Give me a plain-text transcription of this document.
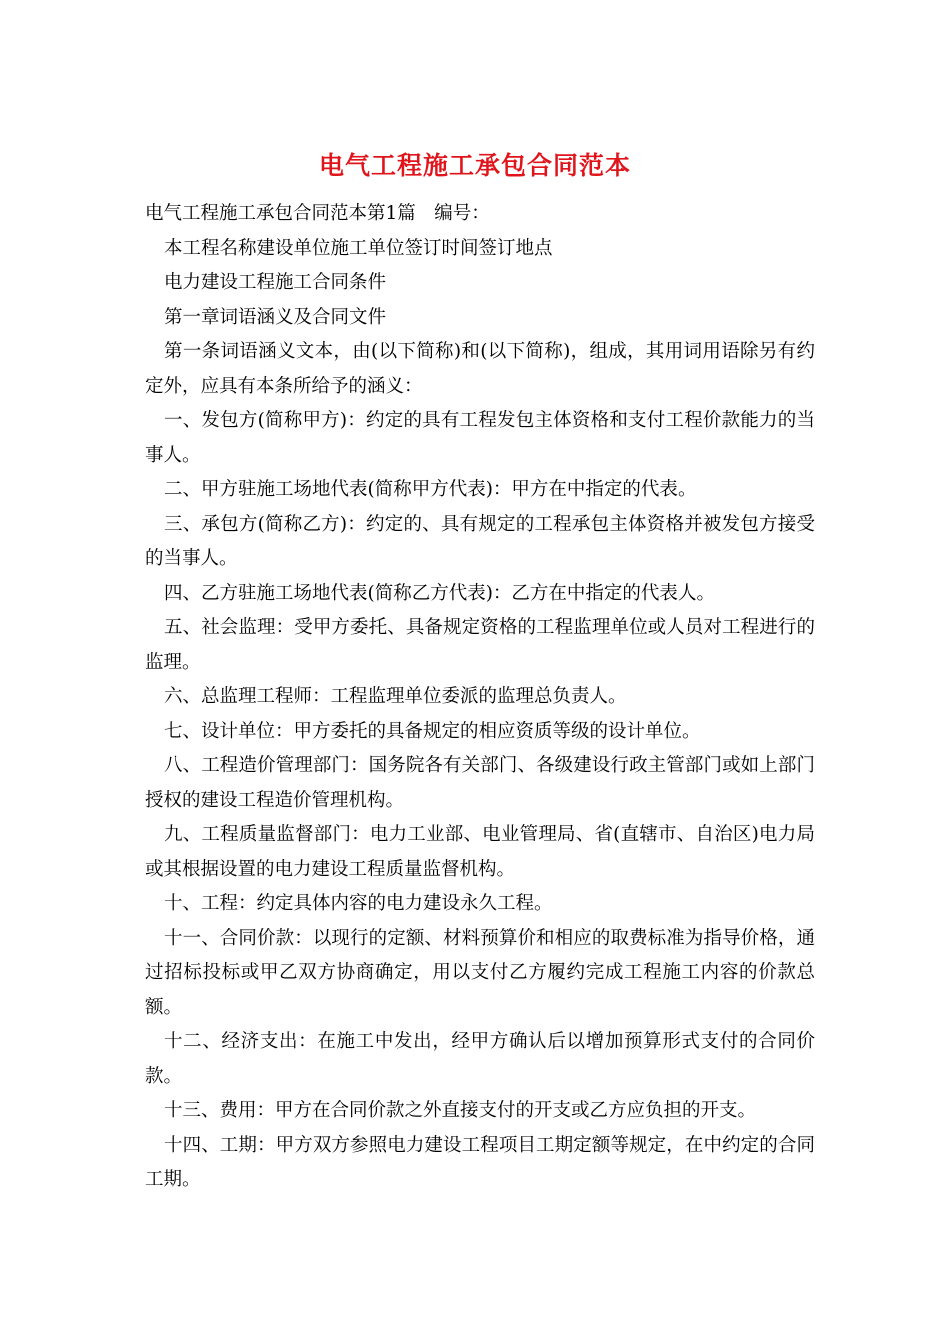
电气工程施工承包合同范本

电气工程施工承包合同范本第1篇　编号：

本工程名称建设单位施工单位签订时间签订地点

电力建设工程施工合同条件

第一章词语涵义及合同文件

第一条词语涵义文本，由(以下简称)和(以下简称)，组成，其用词用语除另有约定外，应具有本条所给予的涵义：

一、发包方(简称甲方)：约定的具有工程发包主体资格和支付工程价款能力的当事人。

二、甲方驻施工场地代表(简称甲方代表)：甲方在中指定的代表。

三、承包方(简称乙方)：约定的、具有规定的工程承包主体资格并被发包方接受的当事人。

四、乙方驻施工场地代表(简称乙方代表)：乙方在中指定的代表人。

五、社会监理：受甲方委托、具备规定资格的工程监理单位或人员对工程进行的监理。

六、总监理工程师：工程监理单位委派的监理总负责人。

七、设计单位：甲方委托的具备规定的相应资质等级的设计单位。

八、工程造价管理部门：国务院各有关部门、各级建设行政主管部门或如上部门授权的建设工程造价管理机构。

九、工程质量监督部门：电力工业部、电业管理局、省(直辖市、自治区)电力局或其根据设置的电力建设工程质量监督机构。

十、工程：约定具体内容的电力建设永久工程。

十一、合同价款：以现行的定额、材料预算价和相应的取费标准为指导价格，通过招标投标或甲乙双方协商确定，用以支付乙方履约完成工程施工内容的价款总额。

十二、经济支出：在施工中发出，经甲方确认后以增加预算形式支付的合同价款。

十三、费用：甲方在合同价款之外直接支付的开支或乙方应负担的开支。

十四、工期：甲方双方参照电力建设工程项目工期定额等规定，在中约定的合同工期。
